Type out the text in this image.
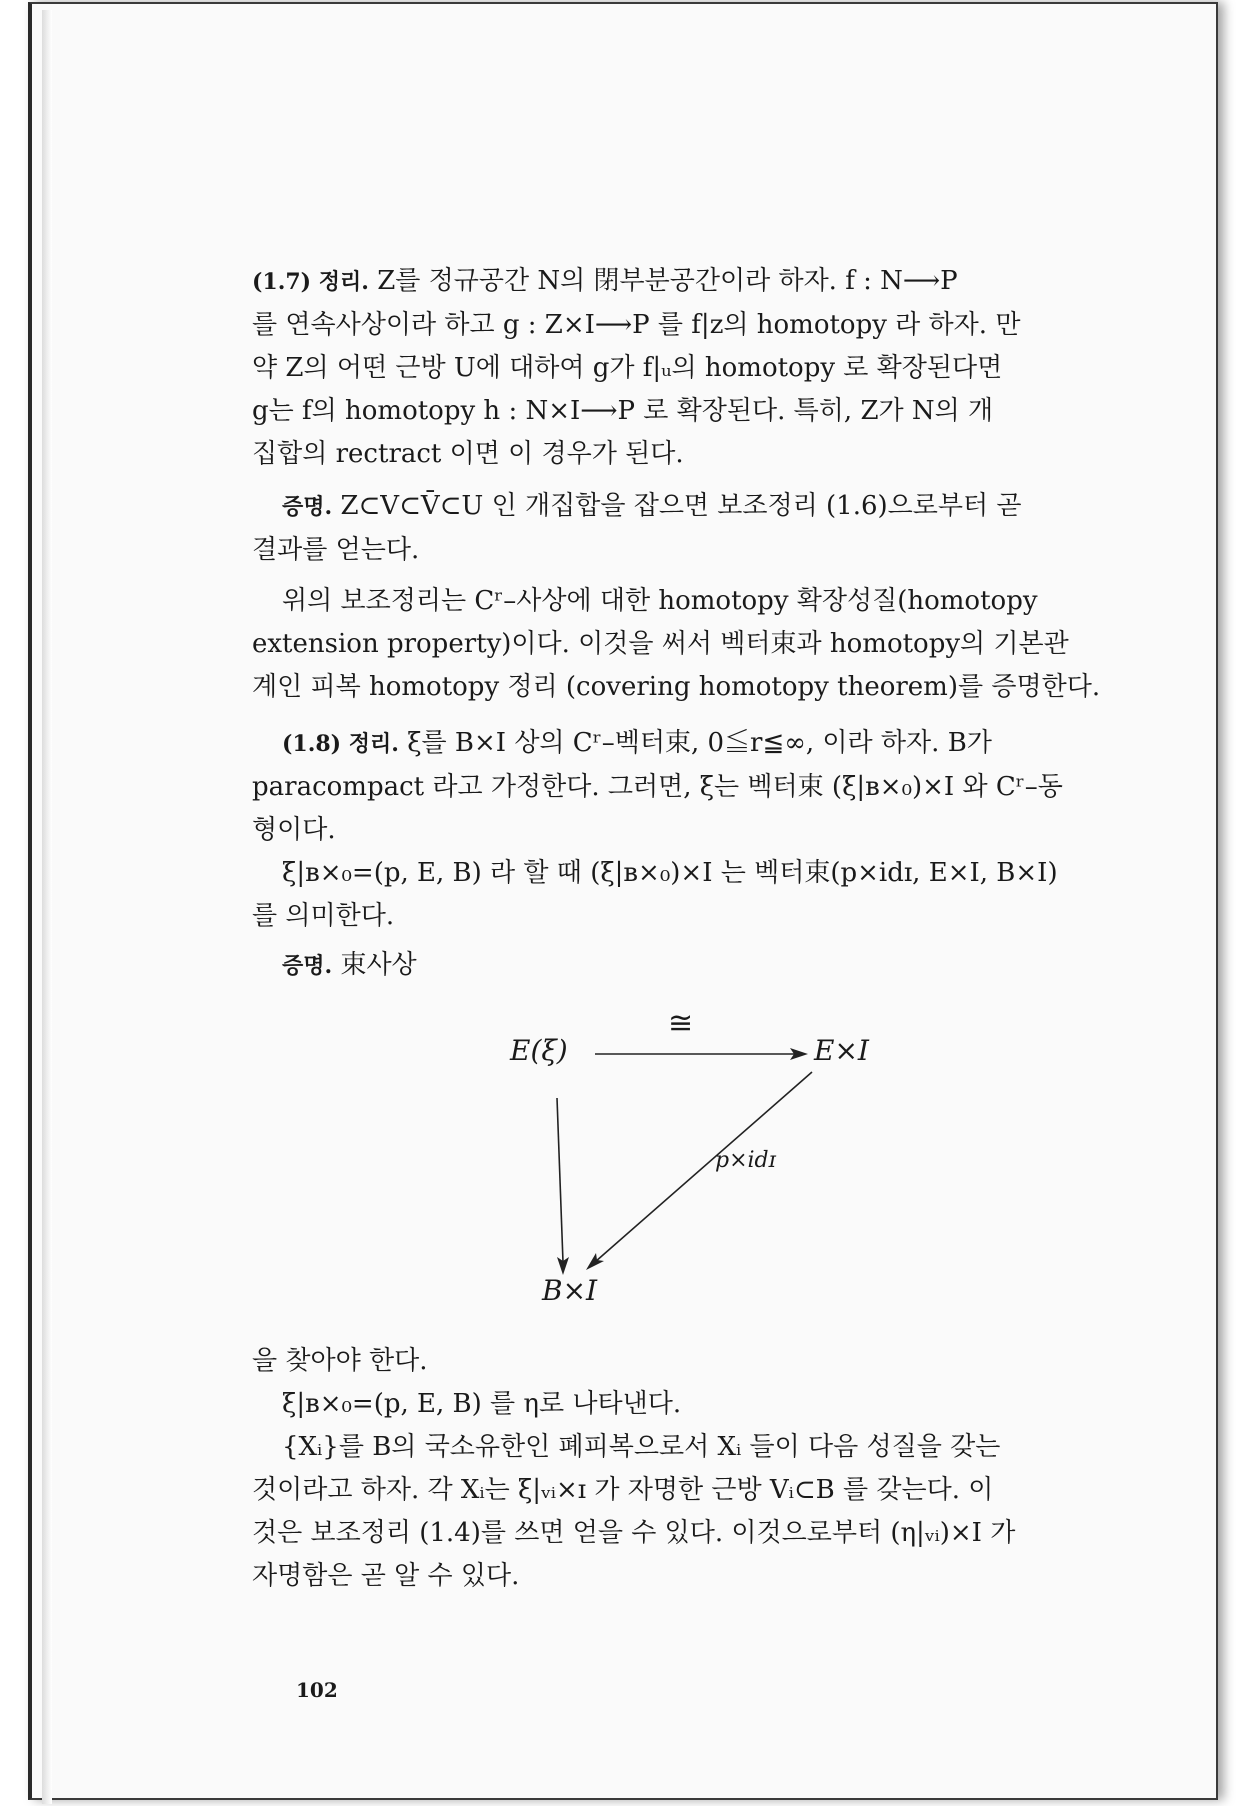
(1.7) 정리. Z를 정규공간 N의 閉부분공간이라 하자. f : N⟶P

를 연속사상이라 하고 g : Z×I⟶P 를 f|ᴢ의 homotopy 라 하자. 만

약 Z의 어떤 근방 U에 대하여 g가 f|ᵤ의 homotopy 로 확장된다면

g는 f의 homotopy h : N×I⟶P 로 확장된다. 특히, Z가 N의 개

집합의 rectract 이면 이 경우가 된다.

증명. Z⊂V⊂V̄⊂U 인 개집합을 잡으면 보조정리 (1.6)으로부터 곧

결과를 얻는다.

위의 보조정리는 Cʳ–사상에 대한 homotopy 확장성질(homotopy

extension property)이다. 이것을 써서 벡터束과 homotopy의 기본관

계인 피복 homotopy 정리 (covering homotopy theorem)를 증명한다.

(1.8) 정리. ξ를 B×I 상의 Cʳ–벡터束, 0≦r≦∞, 이라 하자. B가

paracompact 라고 가정한다. 그러면, ξ는 벡터束 (ξ|ʙ×₀)×I 와 Cʳ–동

형이다.

ξ|ʙ×₀=(p, E, B) 라 할 때 (ξ|ʙ×₀)×I 는 벡터束(p×idɪ, E×I, B×I)

를 의미한다.

증명. 束사상

E(ξ)	E×I
B×I
≅
p×idɪ

을 찾아야 한다.

ξ|ʙ×₀=(p, E, B) 를 η로 나타낸다.

{Xᵢ}를 B의 국소유한인 폐피복으로서 Xᵢ 들이 다음 성질을 갖는

것이라고 하자. 각 Xᵢ는 ξ|ᵥᵢ×ɪ 가 자명한 근방 Vᵢ⊂B 를 갖는다. 이

것은 보조정리 (1.4)를 쓰면 얻을 수 있다. 이것으로부터 (η|ᵥᵢ)×I 가

자명함은 곧 알 수 있다.

102
